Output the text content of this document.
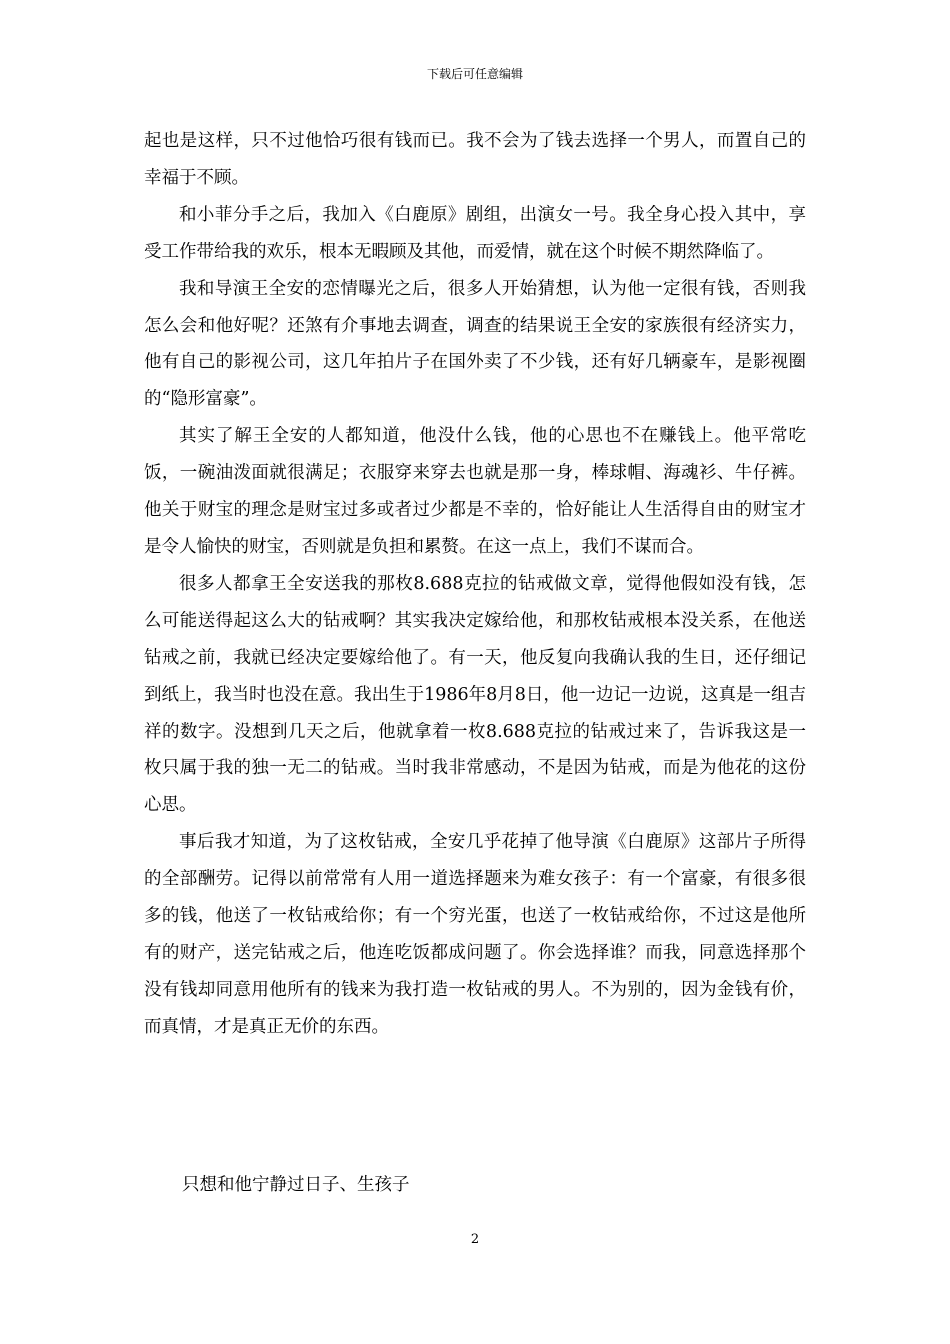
下载后可任意编辑

起也是这样，只不过他恰巧很有钱而已。我不会为了钱去选择一个男人，而置自己的幸福于不顾。

和小菲分手之后，我加入《白鹿原》剧组，出演女一号。我全身心投入其中，享受工作带给我的欢乐，根本无暇顾及其他，而爱情，就在这个时候不期然降临了。

我和导演王全安的恋情曝光之后，很多人开始猜想，认为他一定很有钱，否则我怎么会和他好呢？还煞有介事地去调查，调查的结果说王全安的家族很有经济实力，他有自己的影视公司，这几年拍片子在国外卖了不少钱，还有好几辆豪车，是影视圈的“隐形富豪”。

其实了解王全安的人都知道，他没什么钱，他的心思也不在赚钱上。他平常吃饭，一碗油泼面就很满足；衣服穿来穿去也就是那一身，棒球帽、海魂衫、牛仔裤。他关于财宝的理念是财宝过多或者过少都是不幸的，恰好能让人生活得自由的财宝才是令人愉快的财宝，否则就是负担和累赘。在这一点上，我们不谋而合。

很多人都拿王全安送我的那枚8.688克拉的钻戒做文章，觉得他假如没有钱，怎么可能送得起这么大的钻戒啊？其实我决定嫁给他，和那枚钻戒根本没关系，在他送钻戒之前，我就已经决定要嫁给他了。有一天，他反复向我确认我的生日，还仔细记到纸上，我当时也没在意。我出生于1986年8月8日，他一边记一边说，这真是一组吉祥的数字。没想到几天之后，他就拿着一枚8.688克拉的钻戒过来了，告诉我这是一枚只属于我的独一无二的钻戒。当时我非常感动，不是因为钻戒，而是为他花的这份心思。

事后我才知道，为了这枚钻戒，全安几乎花掉了他导演《白鹿原》这部片子所得的全部酬劳。记得以前常常有人用一道选择题来为难女孩子：有一个富豪，有很多很多的钱，他送了一枚钻戒给你；有一个穷光蛋，也送了一枚钻戒给你，不过这是他所有的财产，送完钻戒之后，他连吃饭都成问题了。你会选择谁？而我，同意选择那个没有钱却同意用他所有的钱来为我打造一枚钻戒的男人。不为别的，因为金钱有价，而真情，才是真正无价的东西。

只想和他宁静过日子、生孩子
2
